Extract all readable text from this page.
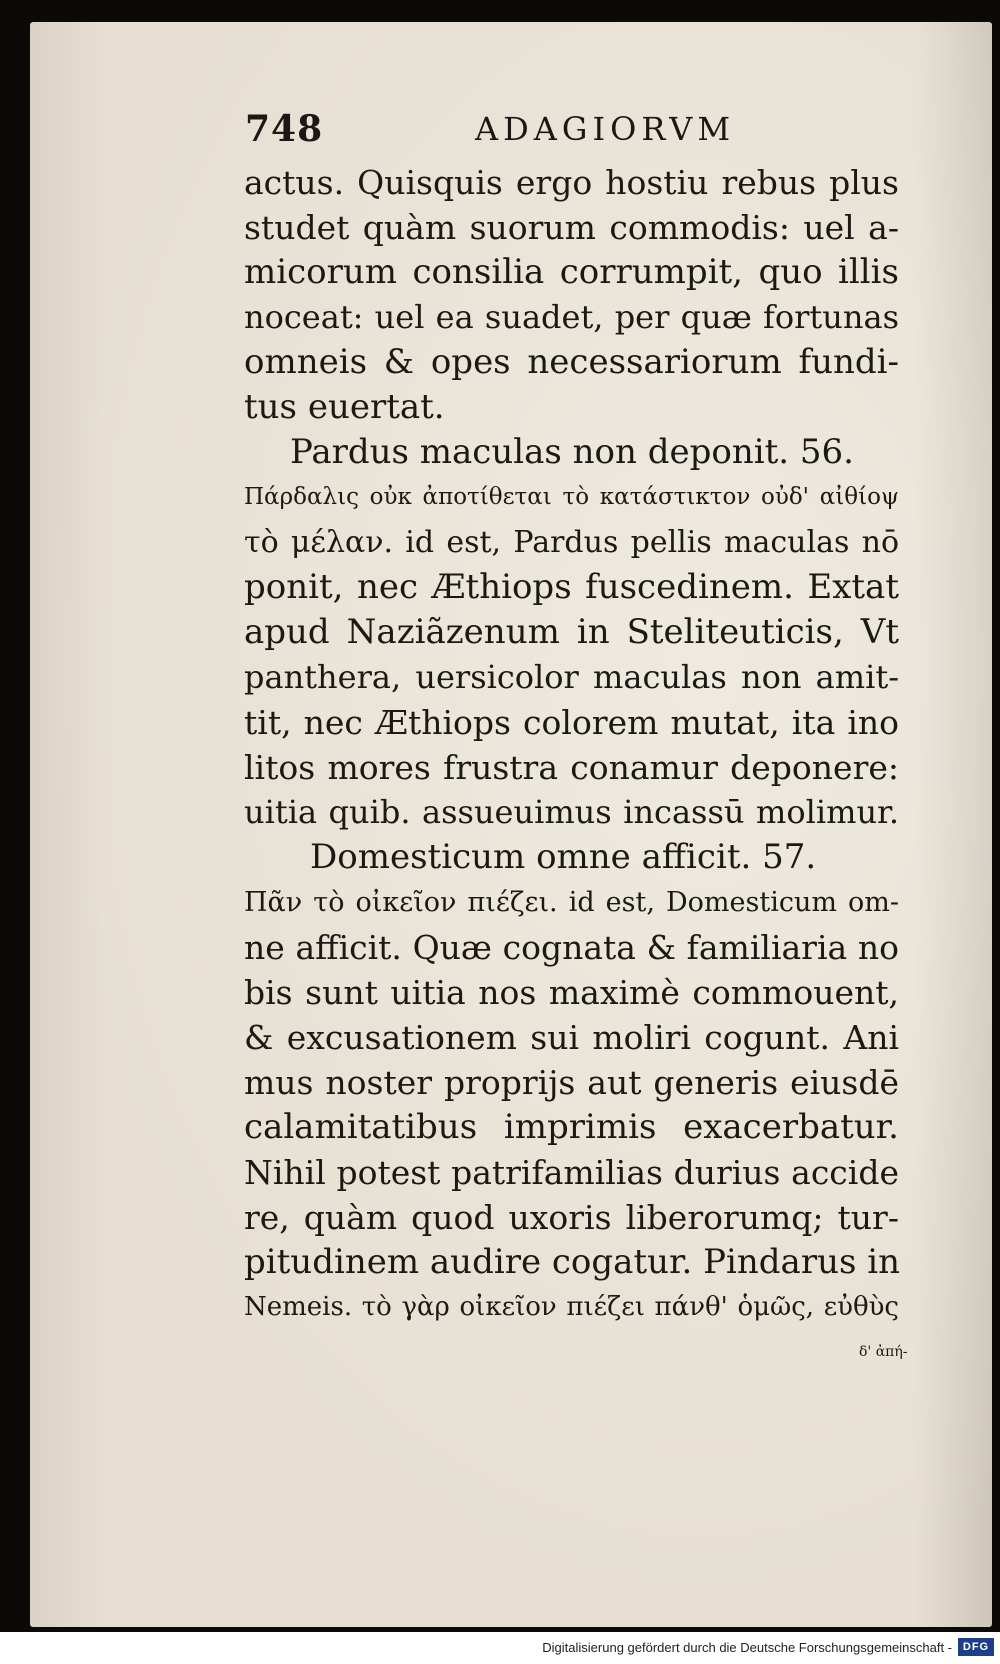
748	ADAGIORVM
actus. Quisquis ergo hostiu rebus plus
studet quàm suorum commodis: uel a-
micorum consilia corrumpit, quo illis
noceat: uel ea suadet, per quæ fortunas
omneis & opes necessariorum fundi-
tus euertat.
Pardus maculas non deponit. 56.
Πάρδαλις οὐκ ἀποτίθεται τὸ κατάστικτον οὐδ' αἰθίοψ
τὸ μέλαν. id est, Pardus pellis maculas nō
ponit, nec Æthiops fuscedinem. Extat
apud Naziãzenum in Steliteuticis, Vt
panthera, uersicolor maculas non amit-
tit, nec Æthiops colorem mutat, ita ino
litos mores frustra conamur deponere:
uitia quib. assueuimus incassū molimur.
Domesticum omne afficit. 57.
Πᾶν τὸ οἰκεῖον πιέζει. id est, Domesticum om-
ne afficit. Quæ cognata & familiaria no
bis sunt uitia nos maximè commouent,
& excusationem sui moliri cogunt. Ani
mus noster proprijs aut generis eiusdē
calamitatibus imprimis exacerbatur.
Nihil potest patrifamilias durius accide
re, quàm quod uxoris liberorumq; tur-
pitudinem audire cogatur. Pindarus in
Nemeis. τὸ γὰρ οἰκεῖον πιέζει πάνθ' ὁμῶς, εὐθὺς
δ' ἀπή-
Digitalisierung gefördert durch die Deutsche Forschungsgemeinschaft - DFG
